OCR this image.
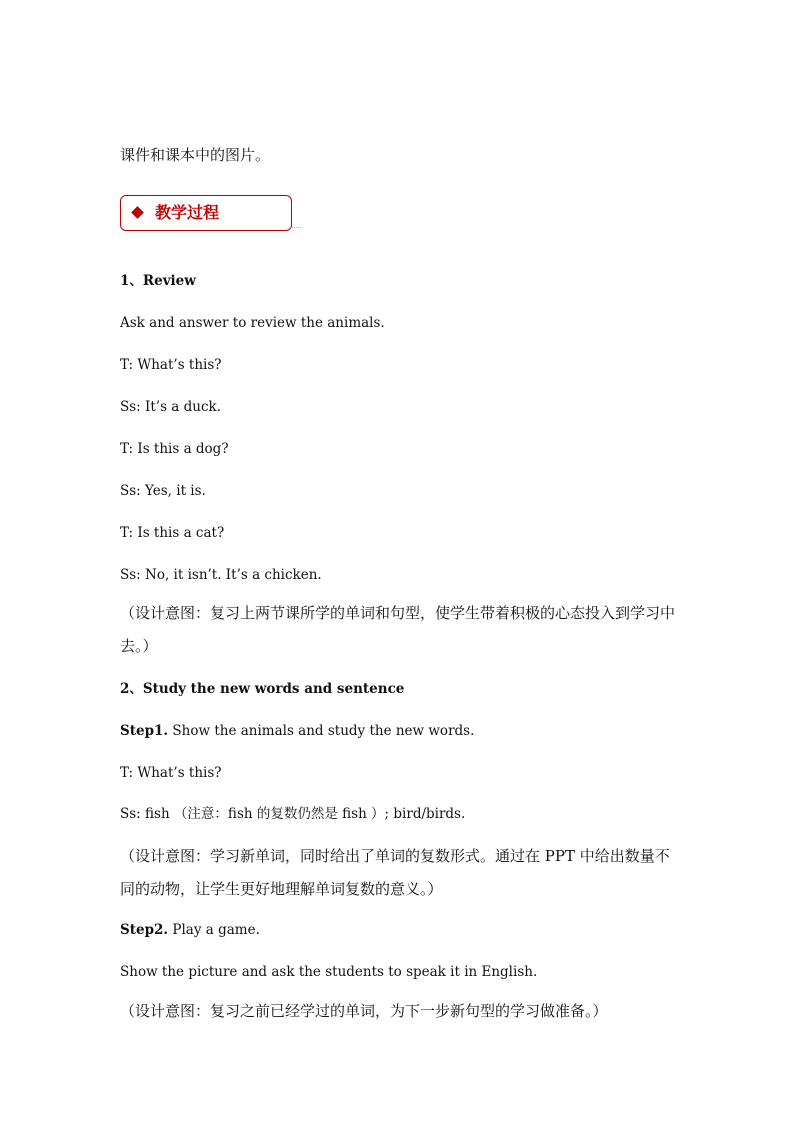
课件和课本中的图片。
教学过程
1、Review
Ask and answer to review the animals.
T: What’s this?
Ss: It’s a duck.
T: Is this a dog?
Ss: Yes, it is.
T: Is this a cat?
Ss: No, it isn’t. It’s a chicken.
（设计意图：复习上两节课所学的单词和句型，使学生带着积极的心态投入到学习中去。）
2、Study the new words and sentence
Step1. Show the animals and study the new words.
T: What’s this?
Ss: fish （注意：fish 的复数仍然是 fish ）; bird/birds.
（设计意图：学习新单词，同时给出了单词的复数形式。通过在 PPT 中给出数量不同的动物，让学生更好地理解单词复数的意义。）
Step2. Play a game.
Show the picture and ask the students to speak it in English.
（设计意图：复习之前已经学过的单词，为下一步新句型的学习做准备。）
